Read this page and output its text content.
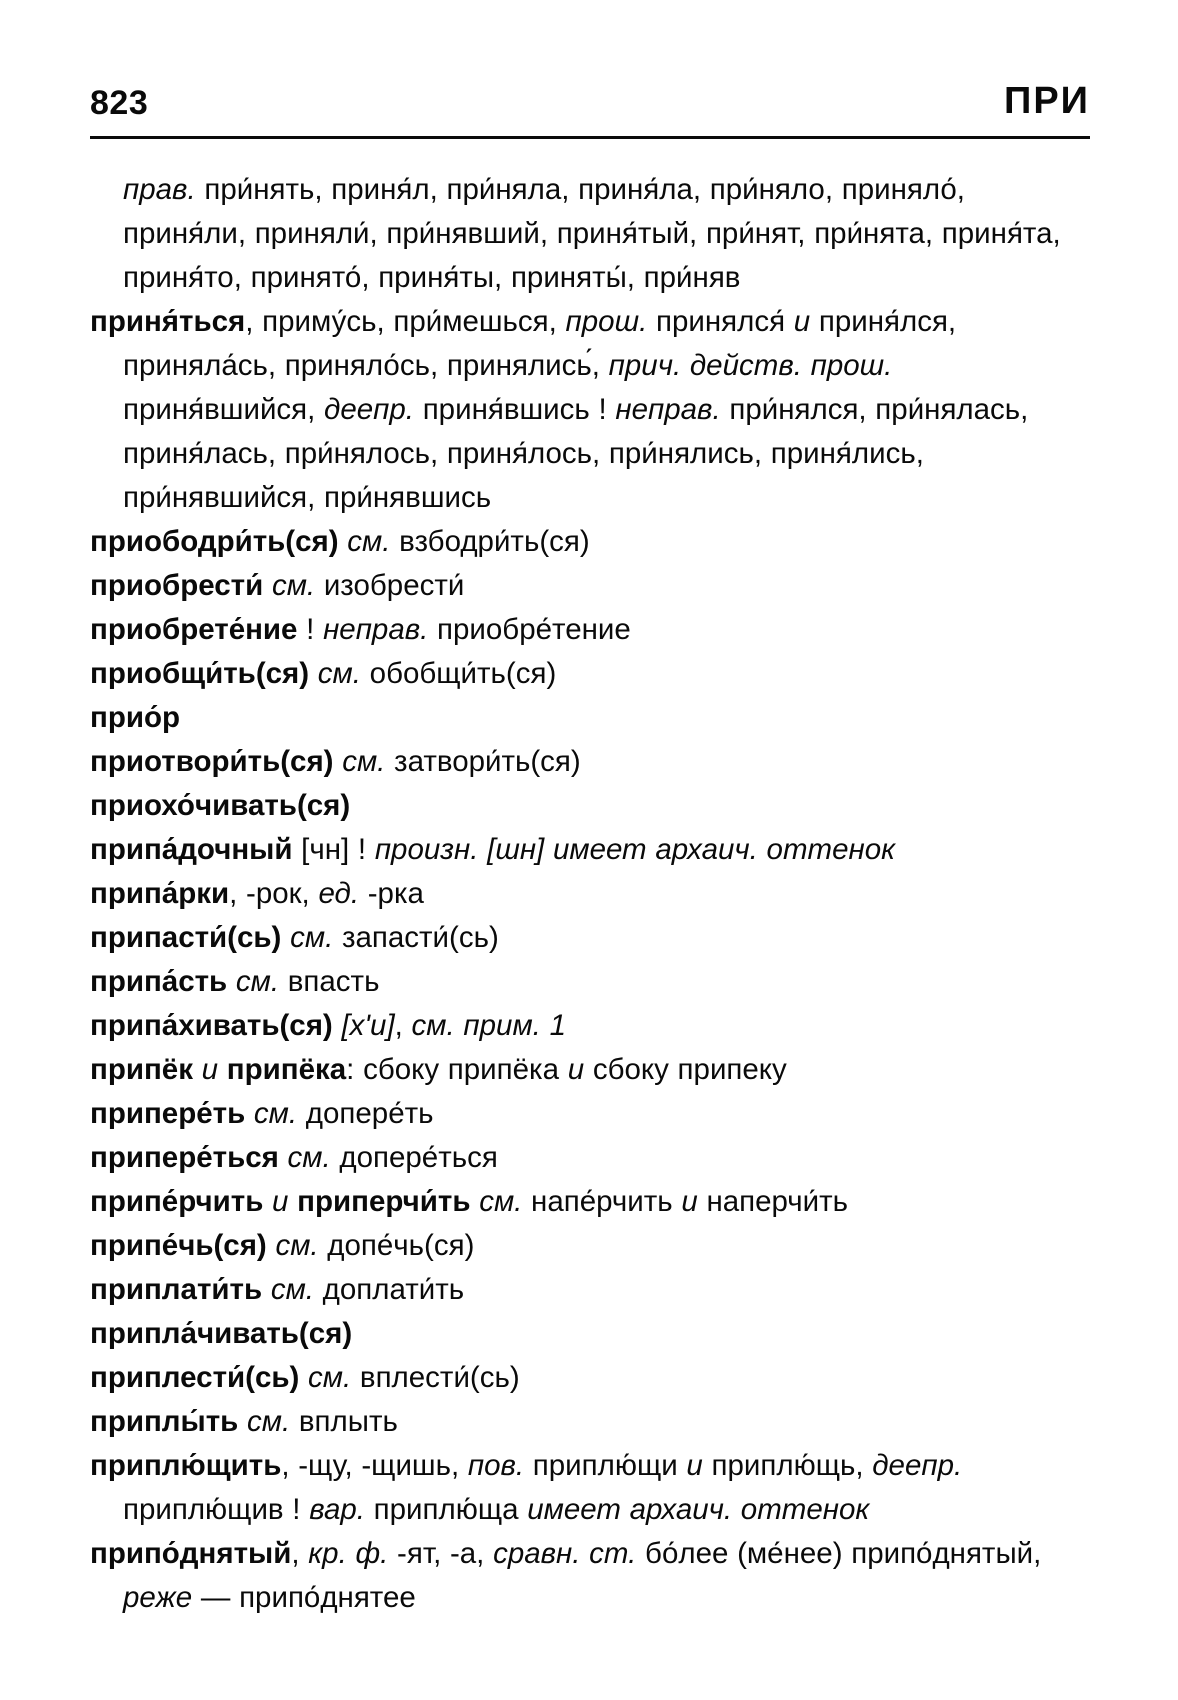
823	ПРИ

прав. при́нять, приня́л, при́няла, приня́ла, при́няло, приняло́, приня́ли, приняли́, при́нявший, приня́тый, при́нят, при́нята, приня́та, приня́то, принято́, приня́ты, приняты́, при́няв

приня́ться, приму́сь, при́мешься, прош. принялся́ и приня́лся, приняла́сь, приняло́сь, принялись́, прич. действ. прош. приня́вшийся, деепр. приня́вшись ! неправ. при́нялся, при́нялась, приня́лась, при́нялось, приня́лось, при́нялись, приня́лись, при́нявшийся, при́нявшись

приободри́ть(ся) см. взбодри́ть(ся)

приобрести́ см. изобрести́

приобрете́ние ! неправ. приобре́тение

приобщи́ть(ся) см. обобщи́ть(ся)

прио́р

приотвори́ть(ся) см. затвори́ть(ся)

приохо́чивать(ся)

припа́дочный [чн] ! произн. [шн] имеет архаич. оттенок

припа́рки, -рок, ед. -рка

припасти́(сь) см. запасти́(сь)

припа́сть см. впасть

припа́хивать(ся) [xʹи], см. прим. 1

припёк и припёка: сбоку припёка и сбоку припеку

припере́ть см. допере́ть

припере́ться см. допере́ться

припе́рчить и приперчи́ть см. напе́рчить и наперчи́ть

припе́чь(ся) см. допе́чь(ся)

приплати́ть см. доплати́ть

припла́чивать(ся)

приплести́(сь) см. вплести́(сь)

приплы́ть см. вплыть

приплю́щить, -щу, -щишь, пов. приплю́щи и приплю́щь, деепр. приплю́щив ! вар. приплю́ща имеет архаич. оттенок

припо́днятый, кр. ф. -ят, -а, сравн. ст. бо́лее (ме́нее) припо́днятый, реже — припо́днятее
